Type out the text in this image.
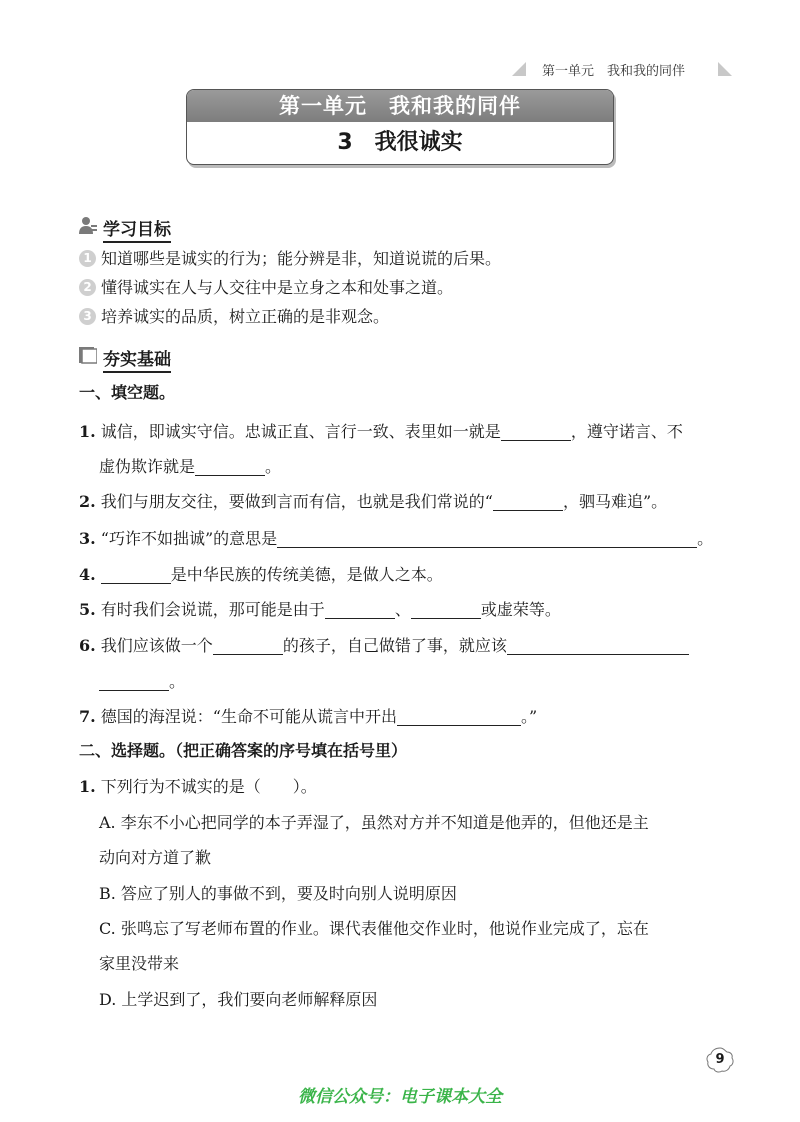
第一单元　我和我的同伴
第一单元　我和我的同伴
3　我很诚实
学习目标
1 知道哪些是诚实的行为；能分辨是非，知道说谎的后果。
2 懂得诚实在人与人交往中是立身之本和处事之道。
3 培养诚实的品质，树立正确的是非观念。
夯实基础
一、填空题。
1. 诚信，即诚实守信。忠诚正直、言行一致、表里如一就是	，遵守诺言、不
虚伪欺诈就是	。
2. 我们与朋友交往，要做到言而有信，也就是我们常说的“	，驷马难追”。
3. “巧诈不如拙诚”的意思是	。
4.	是中华民族的传统美德，是做人之本。
5. 有时我们会说谎，那可能是由于	、	或虚荣等。
6. 我们应该做一个	的孩子，自己做错了事，就应该
。
7. 德国的海涅说：“生命不可能从谎言中开出	。”
二、选择题。（把正确答案的序号填在括号里）
1. 下列行为不诚实的是（　　）。
A. 李东不小心把同学的本子弄湿了，虽然对方并不知道是他弄的，但他还是主
动向对方道了歉
B. 答应了别人的事做不到，要及时向别人说明原因
C. 张鸣忘了写老师布置的作业。课代表催他交作业时，他说作业完成了，忘在
家里没带来
D. 上学迟到了，我们要向老师解释原因
9
微信公众号：电子课本大全
